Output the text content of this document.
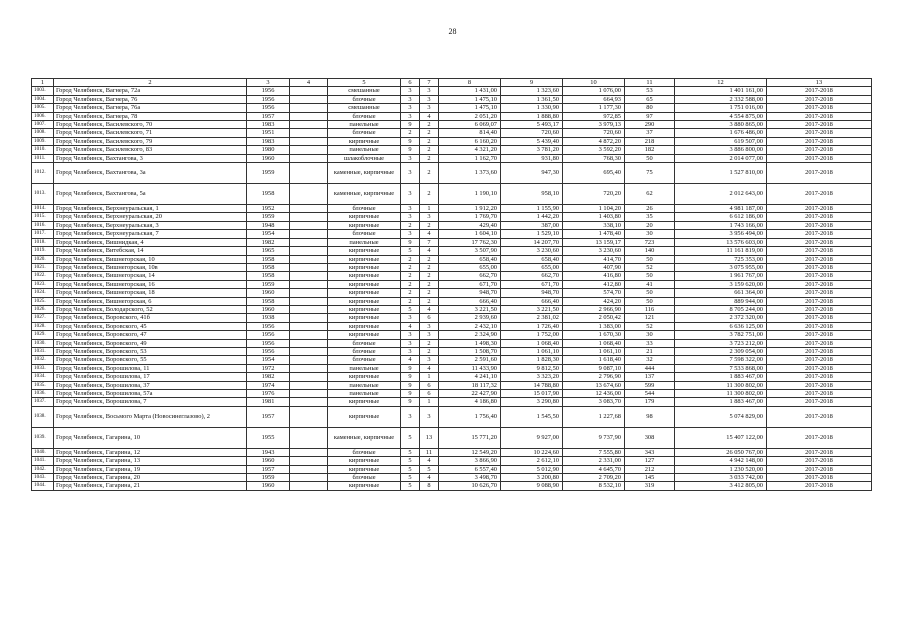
28
1	2	3	4	5	6	7	8	9	10	11	12	13
1003.	Город Челябинск, Вагнера, 72а	1956		смешанные	3	3	1 431,00	1 323,60	1 076,00	53	1 401 161,00	2017-2018
1004.	Город Челябинск, Вагнера, 76	1956		блочные	3	3	1 475,10	1 361,50	664,93	65	2 332 588,00	2017-2018
1005.	Город Челябинск, Вагнера, 76а	1956		смешанные	3	3	1 475,10	1 330,90	1 177,30	80	1 751 016,00	2017-2018
1006.	Город Челябинск, Вагнера, 78	1957		блочные	3	4	2 051,20	1 888,80	972,85	97	4 554 875,00	2017-2018
1007.	Город Челябинск, Василевского, 70	1983		панельные	9	2	6 069,07	5 493,17	3 979,13	290	3 880 865,00	2017-2018
1008.	Город Челябинск, Василевского, 71	1951		блочные	2	2	814,40	720,60	720,60	37	1 676 486,00	2017-2018
1009.	Город Челябинск, Василевского, 79	1983		кирпичные	9	2	6 160,20	5 439,40	4 872,20	218	619 507,00	2017-2018
1010.	Город Челябинск, Василевского, 83	1980		панельные	9	2	4 321,20	3 781,20	3 592,20	182	3 886 800,00	2017-2018
1011.	Город Челябинск, Вахтангова, 3	1960		шлакоблочные	3	2	1 162,70	931,80	768,30	50	2 014 077,00	2017-2018
1012.	Город Челябинск, Вахтангова, 3а	1959		каменные, кирпичные	3	2	1 373,60	947,30	695,40	75	1 527 810,00	2017-2018
1013.	Город Челябинск, Вахтангова, 5а	1958		каменные, кирпичные	3	2	1 190,10	958,10	720,20	62	2 012 643,00	2017-2018
1014.	Город Челябинск, Верхнеуральская, 1	1952		блочные	3	1	1 912,20	1 155,90	1 104,20	26	4 981 187,00	2017-2018
1015.	Город Челябинск, Верхнеуральская, 20	1959		кирпичные	3	3	1 769,70	1 442,20	1 403,80	35	6 612 186,00	2017-2018
1016.	Город Челябинск, Верхнеуральская, 3	1948		кирпичные	2	2	429,40	387,00	338,10	20	1 743 166,00	2017-2018
1017.	Город Челябинск, Верхнеуральская, 7	1954		блочные	3	4	1 604,10	1 529,10	1 478,40	30	3 956 494,00	2017-2018
1018.	Город Челябинск, Вишнидкая, 4	1982		панельные	9	7	17 762,30	14 207,70	13 159,17	723	13 576 603,00	2017-2018
1019.	Город Челябинск, Витебская, 14	1965		кирпичные	5	4	3 507,90	3 230,60	3 230,60	140	11 161 819,00	2017-2018
1020.	Город Челябинск, Вишнегорская, 10	1958		кирпичные	2	2	658,40	658,40	414,70	50	725 353,00	2017-2018
1021.	Город Челябинск, Вишнегорская, 10в	1958		кирпичные	2	2	655,00	655,00	407,90	52	3 075 955,00	2017-2018
1022.	Город Челябинск, Вишнегорская, 14	1958		кирпичные	2	2	662,70	662,70	416,80	50	1 961 767,00	2017-2018
1023.	Город Челябинск, Вишнегорская, 16	1959		кирпичные	2	2	671,70	671,70	412,80	41	3 159 620,00	2017-2018
1024.	Город Челябинск, Вишнегорская, 18	1960		кирпичные	2	2	948,70	948,70	574,70	50	661 364,00	2017-2018
1025.	Город Челябинск, Вишнегорская, 6	1958		кирпичные	2	2	666,40	666,40	424,20	50	889 944,00	2017-2018
1026.	Город Челябинск, Володарского, 52	1960		кирпичные	5	4	3 221,50	3 221,50	2 966,90	116	8 705 244,00	2017-2018
1027.	Город Челябинск, Воровского, 41б	1938		кирпичные	3	6	2 939,60	2 381,02	2 050,42	121	2 372 320,00	2017-2018
1028.	Город Челябинск, Воровского, 45	1956		кирпичные	4	3	2 432,10	1 726,40	1 383,00	52	6 636 125,00	2017-2018
1029.	Город Челябинск, Воровского, 47	1956		кирпичные	3	3	2 324,90	1 752,00	1 670,30	30	3 782 751,00	2017-2018
1030.	Город Челябинск, Воровского, 49	1956		блочные	3	2	1 498,30	1 068,40	1 068,40	33	3 723 212,00	2017-2018
1031.	Город Челябинск, Воровского, 53	1956		блочные	3	2	1 508,70	1 061,10	1 061,10	21	2 309 054,00	2017-2018
1032.	Город Челябинск, Воровского, 55	1954		блочные	4	3	2 591,60	1 828,30	1 618,40	32	7 598 322,00	2017-2018
1033.	Город Челябинск, Ворошилова, 11	1972		панельные	9	4	11 433,90	9 812,50	9 087,10	444	7 533 868,00	2017-2018
1034.	Город Челябинск, Ворошилова, 17	1982		кирпичные	9	1	4 241,10	3 323,20	2 796,90	137	1 883 467,00	2017-2018
1035.	Город Челябинск, Ворошилова, 37	1974		панельные	9	6	18 117,32	14 788,80	13 674,60	599	11 300 802,00	2017-2018
1036.	Город Челябинск, Ворошилова, 57а	1976		панельные	9	6	22 427,90	15 017,90	12 436,00	544	11 300 802,00	2017-2018
1037.	Город Челябинск, Ворошилова, 7	1981		кирпичные	9	1	4 186,80	3 290,80	3 083,70	179	1 883 467,00	2017-2018
1038.	Город Челябинск, Восьмого Марта (Новосинеглазово), 2	1957		кирпичные	3	3	1 756,40	1 545,50	1 227,68	98	5 074 829,00	2017-2018
1039.	Город Челябинск, Гагарина, 10	1955		каменные, кирпичные	5	13	15 771,20	9 927,00	9 737,90	308	15 407 122,00	2017-2018
1040.	Город Челябинск, Гагарина, 12	1943		блочные	5	11	12 549,20	10 224,60	7 555,80	343	26 050 767,00	2017-2018
1041.	Город Челябинск, Гагарина, 13	1960		кирпичные	5	4	3 866,90	2 612,10	2 331,00	127	4 942 148,00	2017-2018
1042.	Город Челябинск, Гагарина, 19	1957		кирпичные	5	5	6 557,40	5 012,90	4 645,70	212	1 230 520,00	2017-2018
1043.	Город Челябинск, Гагарина, 20	1959		блочные	5	4	3 498,70	3 200,80	2 709,20	145	3 033 742,00	2017-2018
1044.	Город Челябинск, Гагарина, 21	1960		кирпичные	5	8	10 626,70	9 088,90	8 532,10	319	3 412 805,00	2017-2018
